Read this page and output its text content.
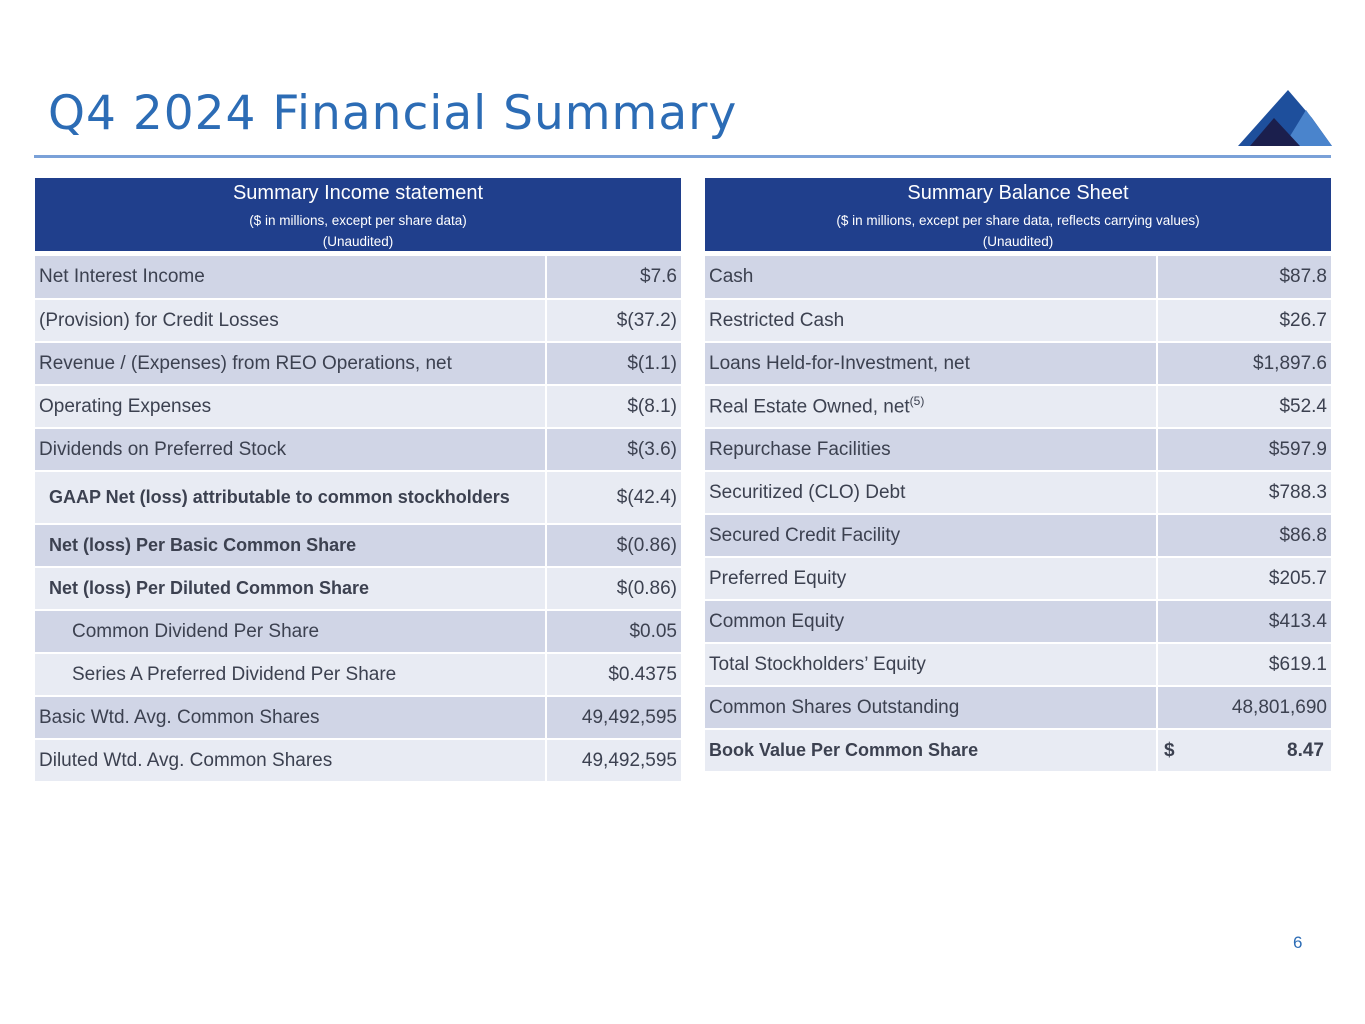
Q4 2024 Financial Summary
Summary Income statement
($ in millions, except per share data)
(Unaudited)
Net Interest Income	$7.6
(Provision) for Credit Losses	$(37.2)
Revenue / (Expenses) from REO Operations, net	$(1.1)
Operating Expenses	$(8.1)
Dividends on Preferred Stock	$(3.6)
GAAP Net (loss) attributable to common stockholders	$(42.4)
Net (loss) Per Basic Common Share	$(0.86)
Net (loss) Per Diluted Common Share	$(0.86)
Common Dividend Per Share	$0.05
Series A Preferred Dividend Per Share	$0.4375
Basic Wtd. Avg. Common Shares	49,492,595
Diluted Wtd. Avg. Common Shares	49,492,595
Summary Balance Sheet
($ in millions, except per share data, reflects carrying values)
(Unaudited)
Cash	$87.8
Restricted Cash	$26.7
Loans Held-for-Investment, net	$1,897.6
Real Estate Owned, net$^{(5)}$	$52.4
Repurchase Facilities	$597.9
Securitized (CLO) Debt	$788.3
Secured Credit Facility	$86.8
Preferred Equity	$205.7
Common Equity	$413.4
Total Stockholders’ Equity	$619.1
Common Shares Outstanding	48,801,690
Book Value Per Common Share	$ 8.47
6
